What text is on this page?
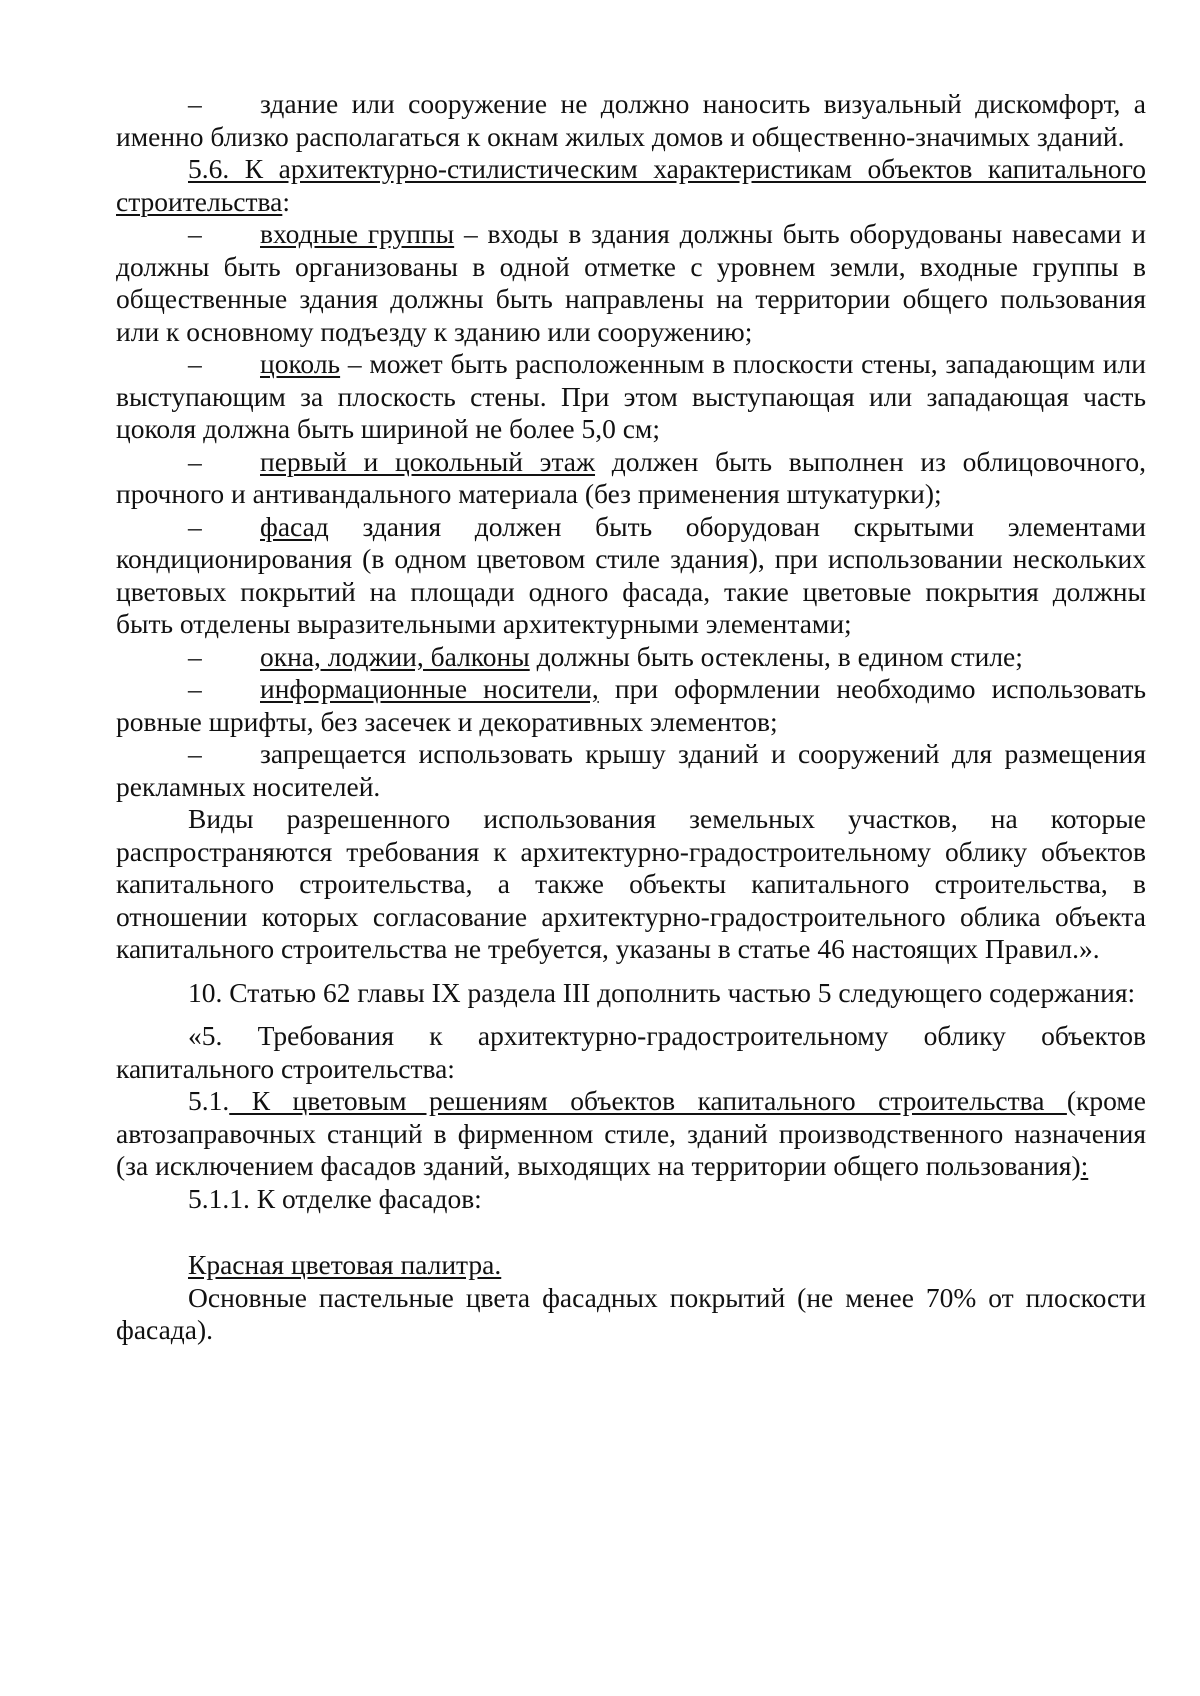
– здание или сооружение не должно наносить визуальный дискомфорт, а именно близко располагаться к окнам жилых домов и общественно-значимых зданий.

5.6. К архитектурно-стилистическим характеристикам объектов капитального строительства:

– входные группы – входы в здания должны быть оборудованы навесами и должны быть организованы в одной отметке с уровнем земли, входные группы в общественные здания должны быть направлены на территории общего пользования или к основному подъезду к зданию или сооружению;

– цоколь – может быть расположенным в плоскости стены, западающим или выступающим за плоскость стены. При этом выступающая или западающая часть цоколя должна быть шириной не более 5,0 см;

– первый и цокольный этаж должен быть выполнен из облицовочного, прочного и антивандального материала (без применения штукатурки);

– фасад здания должен быть оборудован скрытыми элементами кондиционирования (в одном цветовом стиле здания), при использовании нескольких цветовых покрытий на площади одного фасада, такие цветовые покрытия должны быть отделены выразительными архитектурными элементами;

– окна, лоджии, балконы должны быть остеклены, в едином стиле;

– информационные носители, при оформлении необходимо использовать ровные шрифты, без засечек и декоративных элементов;

– запрещается использовать крышу зданий и сооружений для размещения рекламных носителей.

Виды разрешенного использования земельных участков, на которые распространяются требования к архитектурно-градостроительному облику объектов капитального строительства, а также объекты капитального строительства, в отношении которых согласование архитектурно-градостроительного облика объекта капитального строительства не требуется, указаны в статье 46 настоящих Правил.».

10. Статью 62 главы IX раздела III дополнить частью 5 следующего содержания:

«5. Требования к архитектурно-градостроительному облику объектов капитального строительства:

5.1. К цветовым решениям объектов капитального строительства (кроме автозаправочных станций в фирменном стиле, зданий производственного назначения (за исключением фасадов зданий, выходящих на территории общего пользования):

5.1.1. К отделке фасадов:

Красная цветовая палитра.

Основные пастельные цвета фасадных покрытий (не менее 70% от плоскости фасада).
